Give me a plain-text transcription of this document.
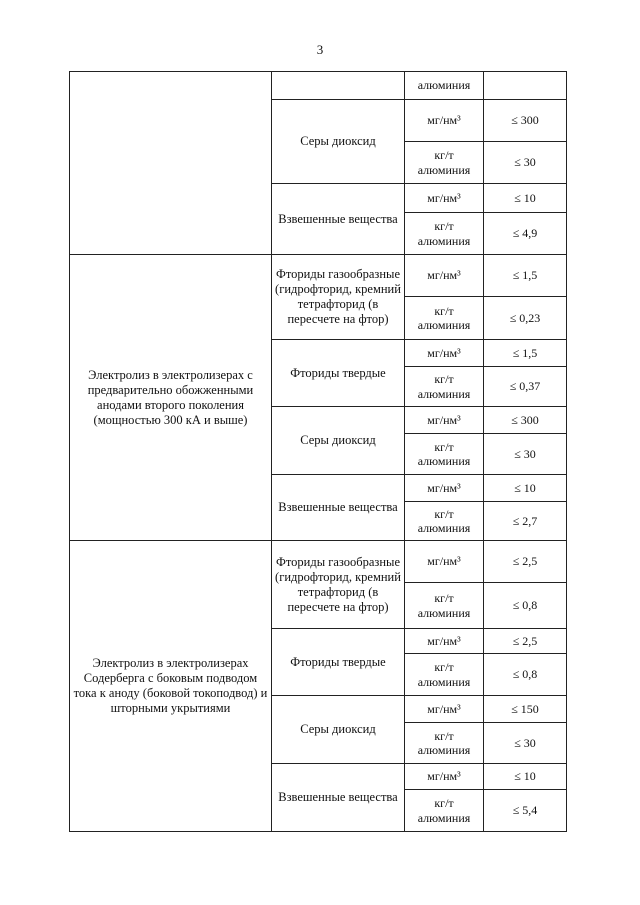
3
		алюминия	
	Серы диоксид	мг/нм³	≤ 300
		кг/т алюминия	≤ 30
	Взвешенные вещества	мг/нм³	≤ 10
		кг/т алюминия	≤ 4,9
Электролиз в электролизерах с предварительно обожженными анодами второго поколения (мощностью 300 кА и выше)	Фториды газообразные (гидрофторид, кремний тетрафторид (в пересчете на фтор)	мг/нм³	≤ 1,5
		кг/т алюминия	≤ 0,23
	Фториды твердые	мг/нм³	≤ 1,5
		кг/т алюминия	≤ 0,37
	Серы диоксид	мг/нм³	≤ 300
		кг/т алюминия	≤ 30
	Взвешенные вещества	мг/нм³	≤ 10
		кг/т алюминия	≤ 2,7
Электролиз в электролизерах Содерберга с боковым подводом тока к аноду (боковой токоподвод) и шторными укрытиями	Фториды газообразные (гидрофторид, кремний тетрафторид (в пересчете на фтор)	мг/нм³	≤ 2,5
		кг/т алюминия	≤ 0,8
	Фториды твердые	мг/нм³	≤ 2,5
		кг/т алюминия	≤ 0,8
	Серы диоксид	мг/нм³	≤ 150
		кг/т алюминия	≤ 30
	Взвешенные вещества	мг/нм³	≤ 10
		кг/т алюминия	≤ 5,4
